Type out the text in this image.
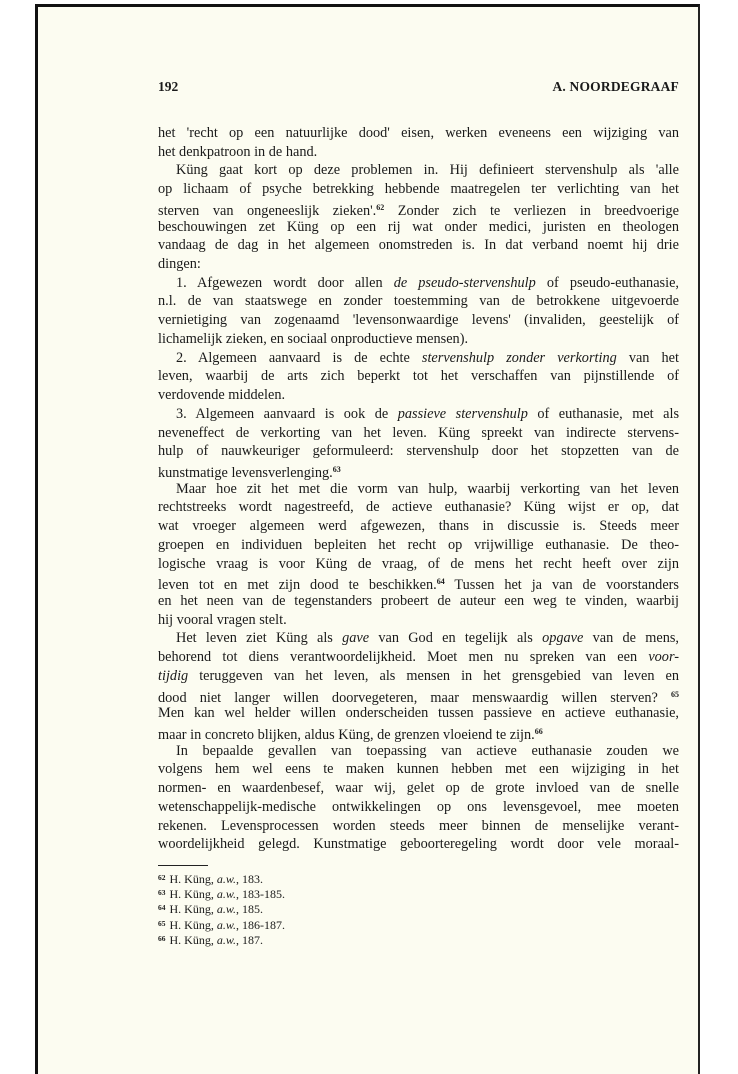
192	A. NOORDEGRAAF
het 'recht op een natuurlijke dood' eisen, werken eveneens een wijziging van
het denkpatroon in de hand.
Küng gaat kort op deze problemen in. Hij definieert stervenshulp als 'alle
op lichaam of psyche betrekking hebbende maatregelen ter verlichting van het
sterven van ongeneeslijk zieken'.$^{62}$ Zonder zich te verliezen in breedvoerige
beschouwingen zet Küng op een rij wat onder medici, juristen en theologen
vandaag de dag in het algemeen onomstreden is. In dat verband noemt hij drie
dingen:
1. Afgewezen wordt door allen de pseudo-stervenshulp of pseudo-euthanasie,
n.l. de van staatswege en zonder toestemming van de betrokkene uitgevoerde
vernietiging van zogenaamd 'levensonwaardige levens' (invaliden, geestelijk of
lichamelijk zieken, en sociaal onproductieve mensen).
2. Algemeen aanvaard is de echte stervenshulp zonder verkorting van het
leven, waarbij de arts zich beperkt tot het verschaffen van pijnstillende of
verdovende middelen.
3. Algemeen aanvaard is ook de passieve stervenshulp of euthanasie, met als
neveneffect de verkorting van het leven. Küng spreekt van indirecte stervens-
hulp of nauwkeuriger geformuleerd: stervenshulp door het stopzetten van de
kunstmatige levensverlenging.$^{63}$
Maar hoe zit het met die vorm van hulp, waarbij verkorting van het leven
rechtstreeks wordt nagestreefd, de actieve euthanasie? Küng wijst er op, dat
wat vroeger algemeen werd afgewezen, thans in discussie is. Steeds meer
groepen en individuen bepleiten het recht op vrijwillige euthanasie. De theo-
logische vraag is voor Küng de vraag, of de mens het recht heeft over zijn
leven tot en met zijn dood te beschikken.$^{64}$ Tussen het ja van de voorstanders
en het neen van de tegenstanders probeert de auteur een weg te vinden, waarbij
hij vooral vragen stelt.
Het leven ziet Küng als gave van God en tegelijk als opgave van de mens,
behorend tot diens verantwoordelijkheid. Moet men nu spreken van een voor-
tijdig teruggeven van het leven, als mensen in het grensgebied van leven en
dood niet langer willen doorvegeteren, maar menswaardig willen sterven? $^{65}$
Men kan wel helder willen onderscheiden tussen passieve en actieve euthanasie,
maar in concreto blijken, aldus Küng, de grenzen vloeiend te zijn.$^{66}$
In bepaalde gevallen van toepassing van actieve euthanasie zouden we
volgens hem wel eens te maken kunnen hebben met een wijziging in het
normen- en waardenbesef, waar wij, gelet op de grote invloed van de snelle
wetenschappelijk-medische ontwikkelingen op ons levensgevoel, mee moeten
rekenen. Levensprocessen worden steeds meer binnen de menselijke verant-
woordelijkheid gelegd. Kunstmatige geboorteregeling wordt door vele moraal-
$^{62}$ H. Küng, a.w., 183.
$^{63}$ H. Küng, a.w., 183-185.
$^{64}$ H. Küng, a.w., 185.
$^{65}$ H. Küng, a.w., 186-187.
$^{66}$ H. Küng, a.w., 187.
